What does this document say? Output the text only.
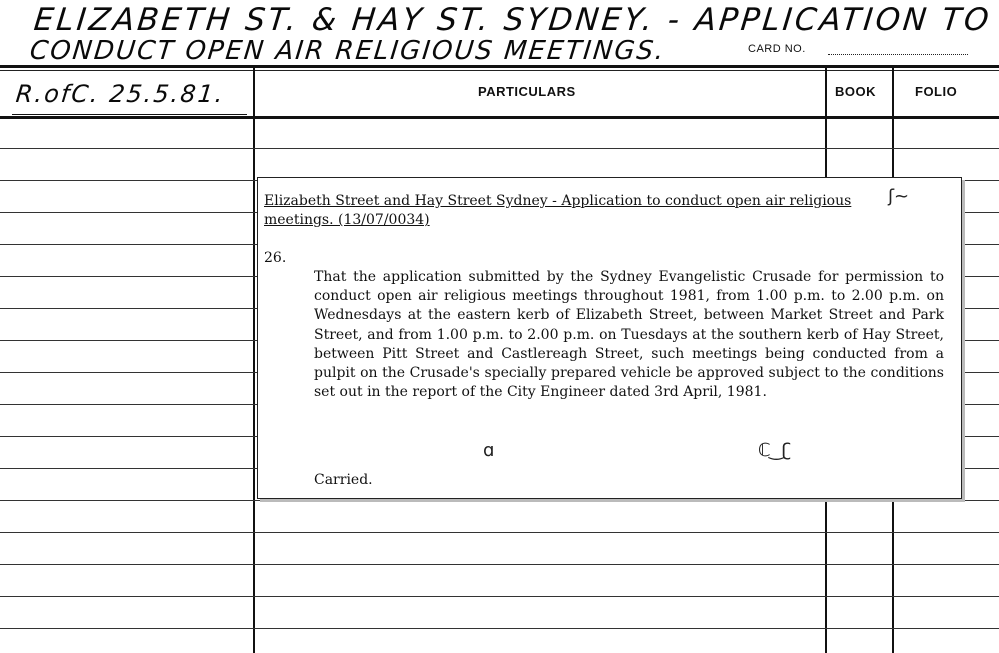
ELIZABETH ST. & HAY ST. SYDNEY. - APPLICATION TO
CONDUCT OPEN AIR RELIGIOUS MEETINGS.	CARD NO.
PARTICULARS	BOOK	FOLIO
R.ofC. 25.5.81.
Elizabeth Street and Hay Street Sydney - Application to conduct open air religious meetings. (13/07/0034)
26.
That the application submitted by the Sydney Evangelistic Crusade for permission to conduct open air religious meetings throughout 1981, from 1.00 p.m. to 2.00 p.m. on Wednesdays at the eastern kerb of Elizabeth Street, between Market Street and Park Street, and from 1.00 p.m. to 2.00 p.m. on Tuesdays at the southern kerb of Hay Street, between Pitt Street and Castlereagh Street, such meetings being conducted from a pulpit on the Crusade's specially prepared vehicle be approved subject to the conditions set out in the report of the City Engineer dated 3rd April, 1981.
Carried.
ʃ~
ℂ ͜ ʗ
ɑ
